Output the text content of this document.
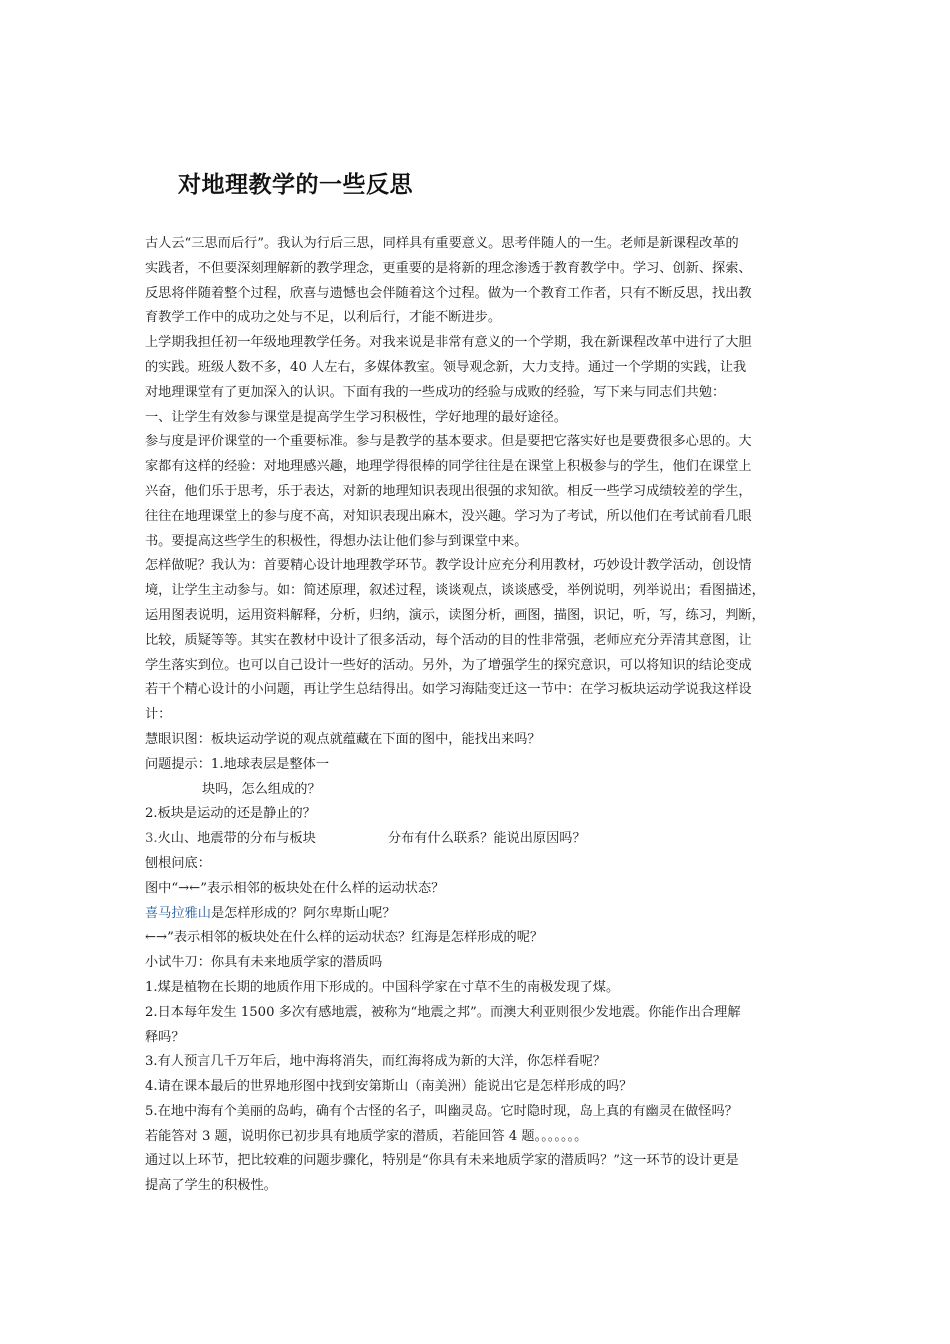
对地理教学的一些反思
古人云“三思而后行”。我认为行后三思，同样具有重要意义。思考伴随人的一生。老师是新课程改革的
实践者，不但要深刻理解新的教学理念，更重要的是将新的理念渗透于教育教学中。学习、创新、探索、
反思将伴随着整个过程，欣喜与遗憾也会伴随着这个过程。做为一个教育工作者，只有不断反思，找出教
育教学工作中的成功之处与不足，以利后行，才能不断进步。
上学期我担任初一年级地理教学任务。对我来说是非常有意义的一个学期，我在新课程改革中进行了大胆
的实践。班级人数不多，40 人左右，多媒体教室。领导观念新，大力支持。通过一个学期的实践，让我
对地理课堂有了更加深入的认识。下面有我的一些成功的经验与成败的经验，写下来与同志们共勉：
一、让学生有效参与课堂是提高学生学习积极性，学好地理的最好途径。
参与度是评价课堂的一个重要标准。参与是教学的基本要求。但是要把它落实好也是要费很多心思的。大
家都有这样的经验：对地理感兴趣，地理学得很棒的同学往往是在课堂上积极参与的学生，他们在课堂上
兴奋，他们乐于思考，乐于表达，对新的地理知识表现出很强的求知欲。相反一些学习成绩较差的学生，
往往在地理课堂上的参与度不高，对知识表现出麻木，没兴趣。学习为了考试，所以他们在考试前看几眼
书。要提高这些学生的积极性，得想办法让他们参与到课堂中来。
怎样做呢？我认为：首要精心设计地理教学环节。教学设计应充分利用教材，巧妙设计教学活动，创设情
境，让学生主动参与。如：简述原理，叙述过程，谈谈观点，谈谈感受，举例说明，列举说出；看图描述，
运用图表说明，运用资料解释，分析，归纳，演示，读图分析，画图，描图，识记，听，写，练习，判断，
比较，质疑等等。其实在教材中设计了很多活动，每个活动的目的性非常强，老师应充分弄清其意图，让
学生落实到位。也可以自己设计一些好的活动。另外，为了增强学生的探究意识，可以将知识的结论变成
若干个精心设计的小问题，再让学生总结得出。如学习海陆变迁这一节中：在学习板块运动学说我这样设
计：
慧眼识图：板块运动学说的观点就蕴藏在下面的图中，能找出来吗？
问题提示：1.地球表层是整体一
块吗，怎么组成的？
2.板块是运动的还是静止的？
3.火山、地震带的分布与板块	分布有什么联系？能说出原因吗？
刨根问底：
图中“→←”表示相邻的板块处在什么样的运动状态？
喜马拉雅山是怎样形成的？阿尔卑斯山呢？
←→”表示相邻的板块处在什么样的运动状态？红海是怎样形成的呢？
小试牛刀：你具有未来地质学家的潜质吗
1.煤是植物在长期的地质作用下形成的。中国科学家在寸草不生的南极发现了煤。
2.日本每年发生 1500 多次有感地震，被称为“地震之邦”。而澳大利亚则很少发地震。你能作出合理解
释吗？
3.有人预言几千万年后，地中海将消失，而红海将成为新的大洋，你怎样看呢？
4.请在课本最后的世界地形图中找到安第斯山（南美洲）能说出它是怎样形成的吗？
5.在地中海有个美丽的岛屿，确有个古怪的名子，叫幽灵岛。它时隐时现，岛上真的有幽灵在做怪吗？
若能答对 3 题，说明你已初步具有地质学家的潜质，若能回答 4 题。。。。。。。
通过以上环节，把比较难的问题步骤化，特别是“你具有未来地质学家的潜质吗？”这一环节的设计更是
提高了学生的积极性。
